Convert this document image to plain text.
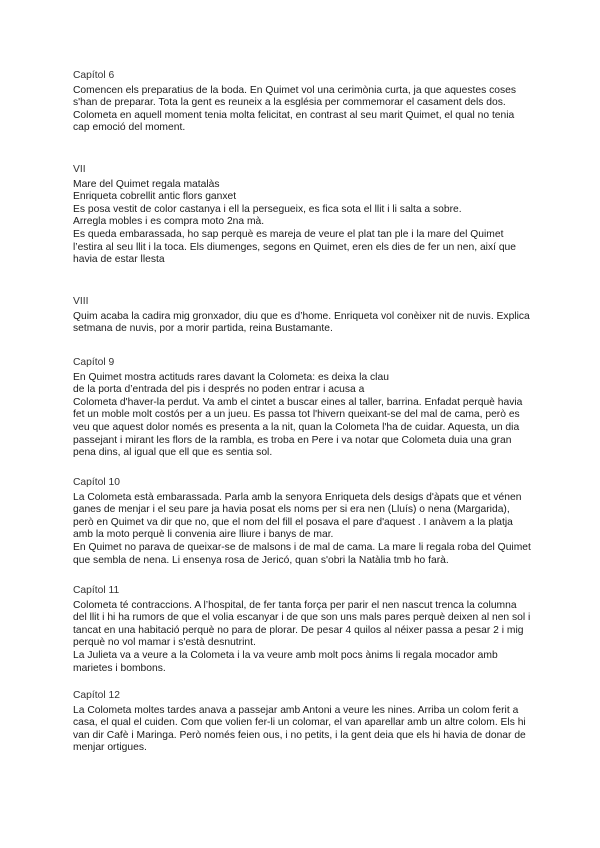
Capítol 6

Comencen els preparatius de la boda. En Quimet vol una cerimònia curta, ja que aquestes coses s'han de preparar. Tota la gent es reuneix a la església per commemorar el casament dels dos.

Colometa en aquell moment tenia molta felicitat, en contrast al seu marit Quimet, el qual no tenia cap emoció del moment.

VII

Mare del Quimet regala matalàs

Enriqueta cobrellit antic flors ganxet

Es posa vestit de color castanya i ell la persegueix, es fica sota el llit i li salta a sobre.

Arregla mobles i es compra moto 2na mà.

Es queda embarassada, ho sap perquè es mareja de veure el plat tan ple i la mare del Quimet l’estira al seu llit i la toca. Els diumenges, segons en Quimet, eren els dies de fer un nen, així que havia de estar llesta

VIII

Quim acaba la cadira mig gronxador, diu que es d’home. Enriqueta vol conèixer nit de nuvis. Explica setmana de nuvis, por a morir partida, reina Bustamante.

Capítol 9

En Quimet mostra actituds rares davant la Colometa: es deixa la clau

de la porta d’entrada del pis i després no poden entrar i acusa a

Colometa d'haver-la perdut. Va amb el cintet a buscar eines al taller, barrina. Enfadat perquè havia fet un moble molt costós per a un jueu. Es passa tot l'hivern queixant-se del mal de cama, però es veu que aquest dolor només es presenta a la nit, quan la Colometa l'ha de cuidar. Aquesta, un dia passejant i mirant les flors de la rambla, es troba en Pere i va notar que Colometa duia una gran pena dins, al igual que ell que es sentia sol.

Capítol 10

La Colometa està embarassada. Parla amb la senyora Enriqueta dels desigs d'àpats que et vénen ganes de menjar i el seu pare ja havia posat els noms per si era nen (Lluís) o nena (Margarida), però en Quimet va dir que no, que el nom del fill el posava el pare d'aquest . I anàvem a la platja amb la moto perquè li convenia aire lliure i banys de mar.

En Quimet no parava de queixar-se de malsons i de mal de cama. La mare li regala roba del Quimet que sembla de nena. Li ensenya rosa de Jericó, quan s'obri la Natàlia tmb ho farà.

Capítol 11

Colometa té contraccions. A l’hospital, de fer tanta força per parir el nen nascut trenca la columna del llit i hi ha rumors de que el volia escanyar i de que son uns mals pares perquè deixen al nen sol i tancat en una habitació perquè no para de plorar. De pesar 4 quilos al néixer passa a pesar 2 i mig perquè no vol mamar i s'està desnutrint.

La Julieta va a veure a la Colometa i la va veure amb molt pocs ànims li regala mocador amb marietes i bombons.

Capítol 12

La Colometa moltes tardes anava a passejar amb Antoni a veure les nines. Arriba un colom ferit a casa, el qual el cuiden. Com que volien fer-li un colomar, el van aparellar amb un altre colom. Els hi van dir Cafè i Maringa. Però només feien ous, i no petits, i la gent deia que els hi havia de donar de menjar ortigues.
